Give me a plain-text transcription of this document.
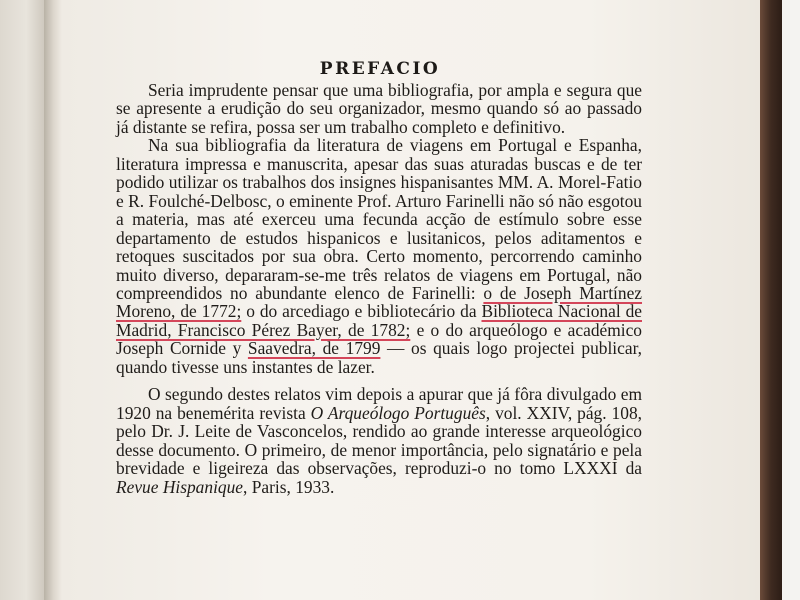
PREFACIO

Seria imprudente pensar que uma bibliografia, por ampla e segura que se apresente a erudição do seu organizador, mesmo quando só ao passado já distante se refira, possa ser um trabalho completo e definitivo.

Na sua bibliografia da literatura de viagens em Portugal e Espanha, literatura impressa e manuscrita, apesar das suas aturadas buscas e de ter podido utilizar os trabalhos dos insignes hispanisantes MM. A. Morel-Fatio e R. Foulché-Delbosc, o eminente Prof. Arturo Farinelli não só não esgotou a materia, mas até exerceu uma fecunda acção de estímulo sobre esse departamento de estudos hispanicos e lusitanicos, pelos aditamentos e retoques suscitados por sua obra. Certo momento, percorrendo caminho muito diverso, depararam-se-me três relatos de viagens em Portugal, não compreendidos no abundante elenco de Farinelli: o de Joseph Martínez Moreno, de 1772; o do arcediago e bibliotecário da Biblioteca Nacional de Madrid, Francisco Pérez Bayer, de 1782; e o do arqueólogo e académico Joseph Cornide y Saavedra, de 1799 — os quais logo projectei publicar, quando tivesse uns instantes de lazer.

O segundo destes relatos vim depois a apurar que já fôra divulgado em 1920 na benemérita revista O Arqueólogo Português, vol. XXIV, pág. 108, pelo Dr. J. Leite de Vasconcelos, rendido ao grande interesse arqueológico desse documento. O primeiro, de menor importância, pelo signatário e pela brevidade e ligeireza das observações, reproduzi-o no tomo LXXXI da Revue Hispanique, Paris, 1933.
